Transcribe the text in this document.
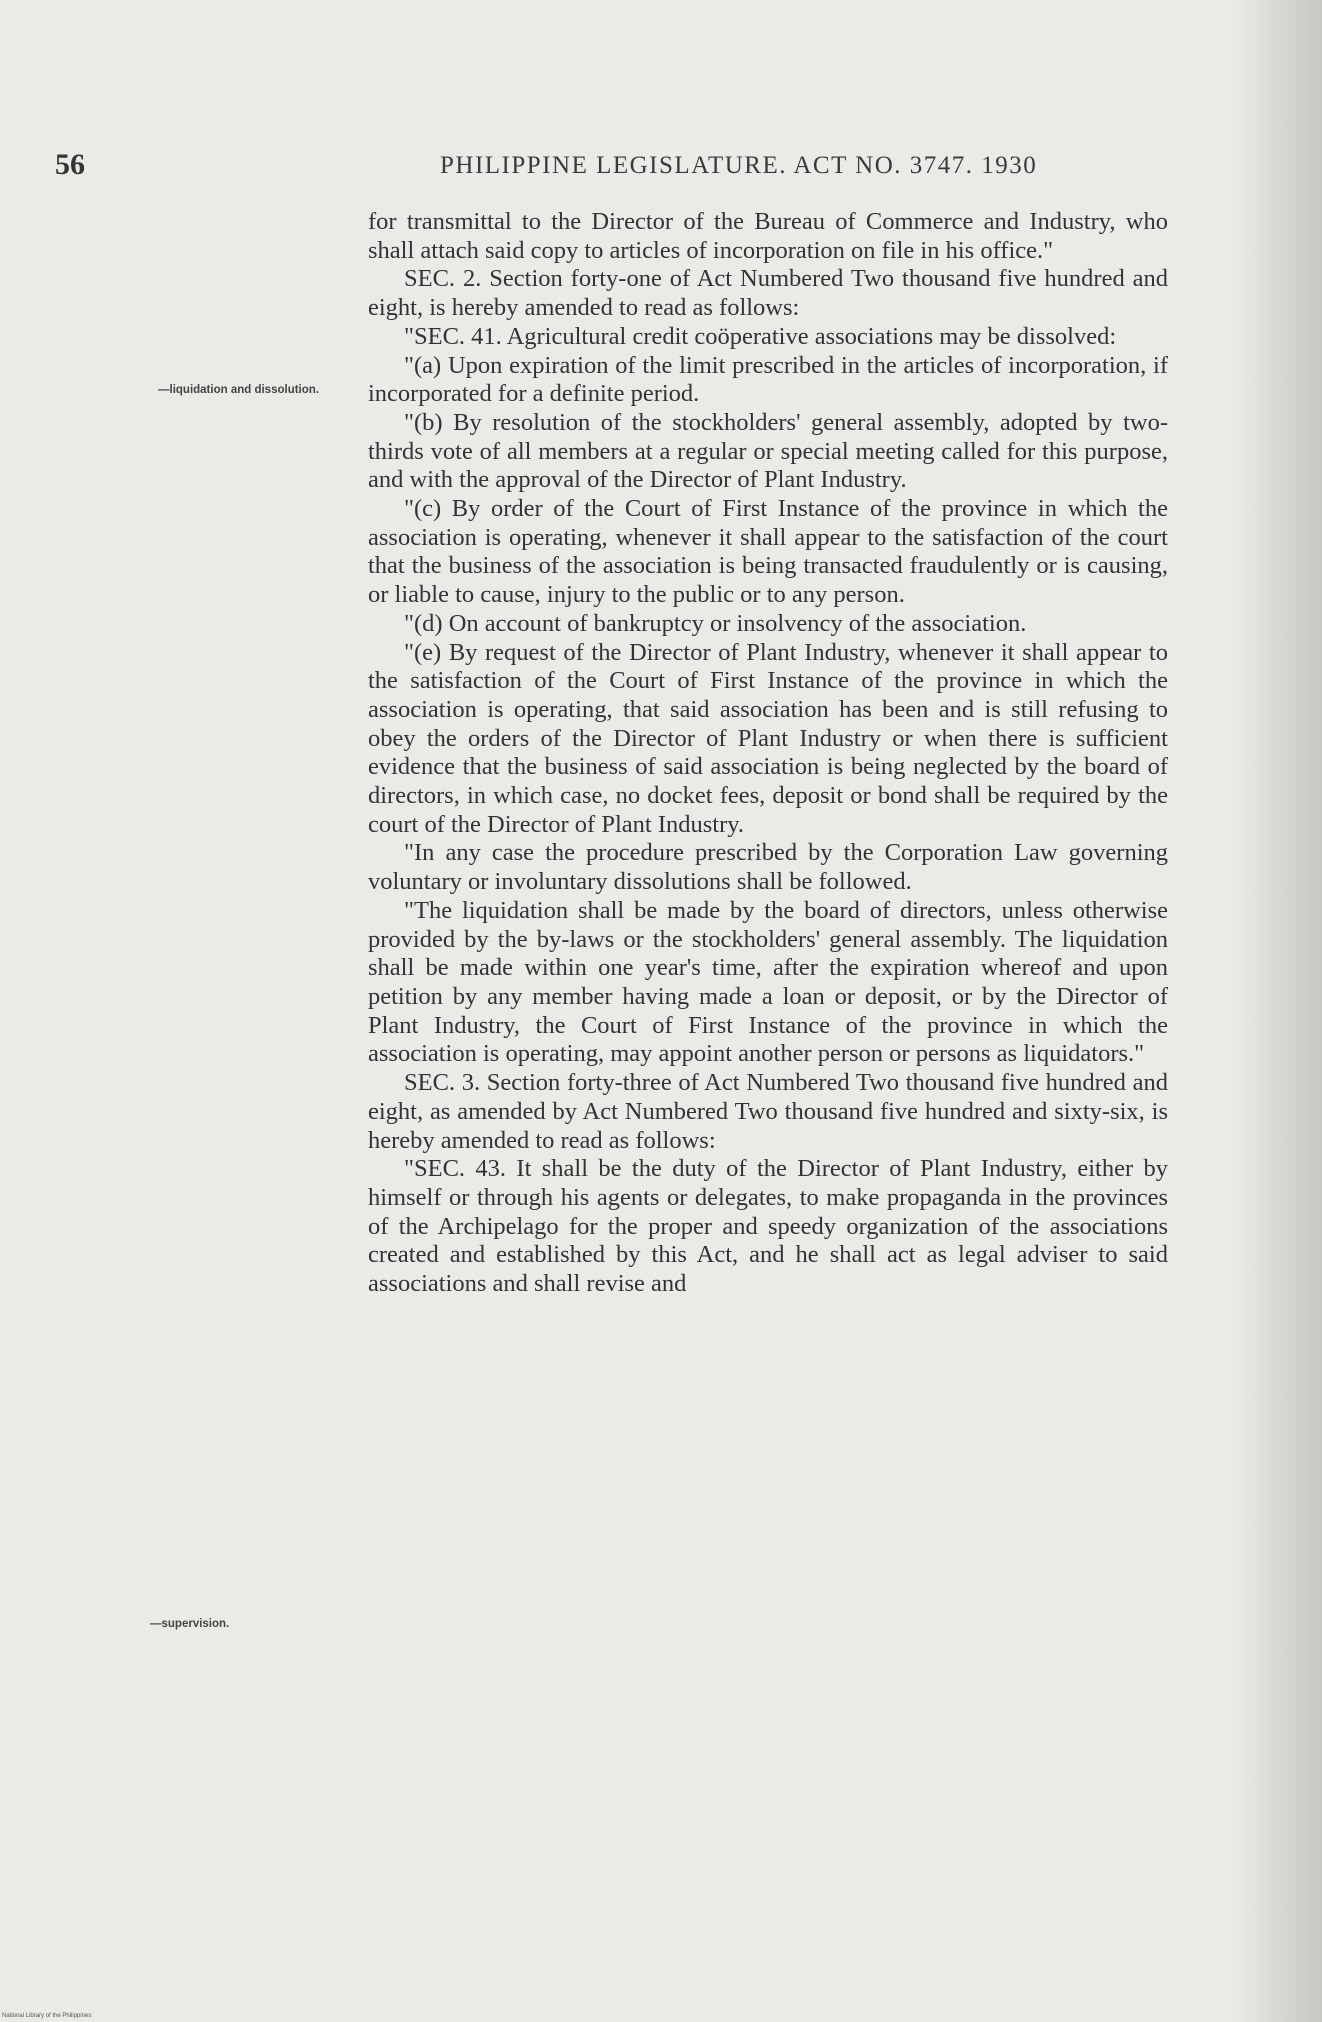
56	PHILIPPINE LEGISLATURE. ACT NO. 3747. 1930
—liquidation and dissolution.
—supervision.

for transmittal to the Director of the Bureau of Commerce and Industry, who shall attach said copy to articles of incorporation on file in his office."

SEC. 2. Section forty-one of Act Numbered Two thousand five hundred and eight, is hereby amended to read as follows:

"SEC. 41. Agricultural credit coöperative associations may be dissolved:

"(a) Upon expiration of the limit prescribed in the articles of incorporation, if incorporated for a definite period.

"(b) By resolution of the stockholders' general assembly, adopted by two-thirds vote of all members at a regular or special meeting called for this purpose, and with the approval of the Director of Plant Industry.

"(c) By order of the Court of First Instance of the province in which the association is operating, whenever it shall appear to the satisfaction of the court that the business of the association is being transacted fraudulently or is causing, or liable to cause, injury to the public or to any person.

"(d) On account of bankruptcy or insolvency of the association.

"(e) By request of the Director of Plant Industry, whenever it shall appear to the satisfaction of the Court of First Instance of the province in which the association is operating, that said association has been and is still refusing to obey the orders of the Director of Plant Industry or when there is sufficient evidence that the business of said association is being neglected by the board of directors, in which case, no docket fees, deposit or bond shall be required by the court of the Director of Plant Industry.

"In any case the procedure prescribed by the Corporation Law governing voluntary or involuntary dissolutions shall be followed.

"The liquidation shall be made by the board of directors, unless otherwise provided by the by-laws or the stockholders' general assembly. The liquidation shall be made within one year's time, after the expiration whereof and upon petition by any member having made a loan or deposit, or by the Director of Plant Industry, the Court of First Instance of the province in which the association is operating, may appoint another person or persons as liquidators."

SEC. 3. Section forty-three of Act Numbered Two thousand five hundred and eight, as amended by Act Numbered Two thousand five hundred and sixty-six, is hereby amended to read as follows:

"SEC. 43. It shall be the duty of the Director of Plant Industry, either by himself or through his agents or delegates, to make propaganda in the provinces of the Archipelago for the proper and speedy organization of the associations created and established by this Act, and he shall act as legal adviser to said associations and shall revise and

National Library of the Philippines
